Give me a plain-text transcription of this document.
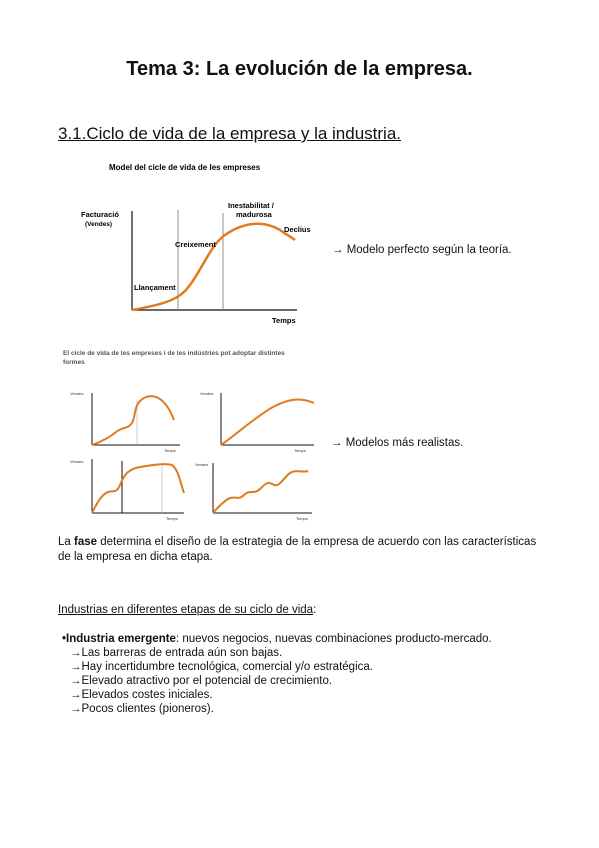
Tema 3: La evolución de la empresa.
3.1.Ciclo de vida de la empresa y la industria.
Model del cicle de vida de les empreses
Facturació
(Vendes)
Llançament
Creixement
Inestabilitat /
madurosa
Declius
Temps
→ Modelo perfecto según la teoría.
El cicle de vida de les empreses i de les indústries pot adoptar distintes
formes
Vendes
Temps
Vendes
Temps
Vendes
Temps
Vendes
Temps
→ Modelos más realistas.
La fase determina el diseño de la estrategia de la empresa de acuerdo con las características de la empresa en dicha etapa.
Industrias en diferentes etapas de su ciclo de vida:
•Industria emergente: nuevos negocios, nuevas combinaciones producto-mercado.
→Las barreras de entrada aún son bajas.
→Hay incertidumbre tecnológica, comercial y/o estratégica.
→Elevado atractivo por el potencial de crecimiento.
→Elevados costes iniciales.
→Pocos clientes (pioneros).
